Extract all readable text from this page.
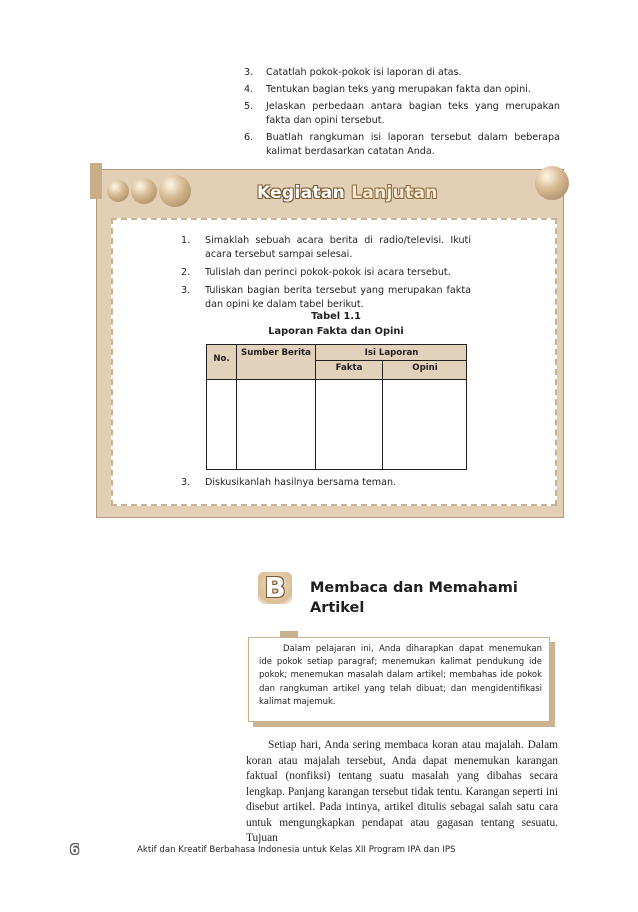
3.	Catatlah pokok-pokok isi laporan di atas.
4.	Tentukan bagian teks yang merupakan fakta dan opini.
5.	Jelaskan perbedaan antara bagian teks yang merupakan fakta dan opini tersebut.
6.	Buatlah rangkuman isi laporan tersebut dalam beberapa kalimat berdasarkan catatan Anda.
Kegiatan Lanjutan
1.	Simaklah sebuah acara berita di radio/televisi. Ikuti acara tersebut sampai selesai.
2.	Tulislah dan perinci pokok-pokok isi acara tersebut.
3.	Tuliskan bagian berita tersebut yang merupakan fakta dan opini ke dalam tabel berikut.
Tabel 1.1
Laporan Fakta dan Opini
No.
Sumber Berita	Isi Laporan
Fakta	Opini
3.	Diskusikanlah hasilnya bersama teman.
B	Membaca dan Memahami Artikel
Dalam pelajaran ini, Anda diharapkan dapat menemukan ide pokok setiap paragraf; menemukan kalimat pendukung ide pokok; menemukan masalah dalam artikel; membahas ide pokok dan rangkuman artikel yang telah dibuat; dan mengidentifikasi kalimat majemuk.
Setiap hari, Anda sering membaca koran atau majalah. Dalam koran atau majalah tersebut, Anda dapat menemukan karangan faktual (nonfiksi) tentang suatu masalah yang dibahas secara lengkap. Panjang karangan tersebut tidak tentu. Karangan seperti ini disebut artikel. Pada intinya, artikel ditulis sebagai salah satu cara untuk mengungkapkan pendapat atau gagasan tentang sesuatu. Tujuan
6	Aktif dan Kreatif Berbahasa Indonesia untuk Kelas XII Program IPA dan IPS
